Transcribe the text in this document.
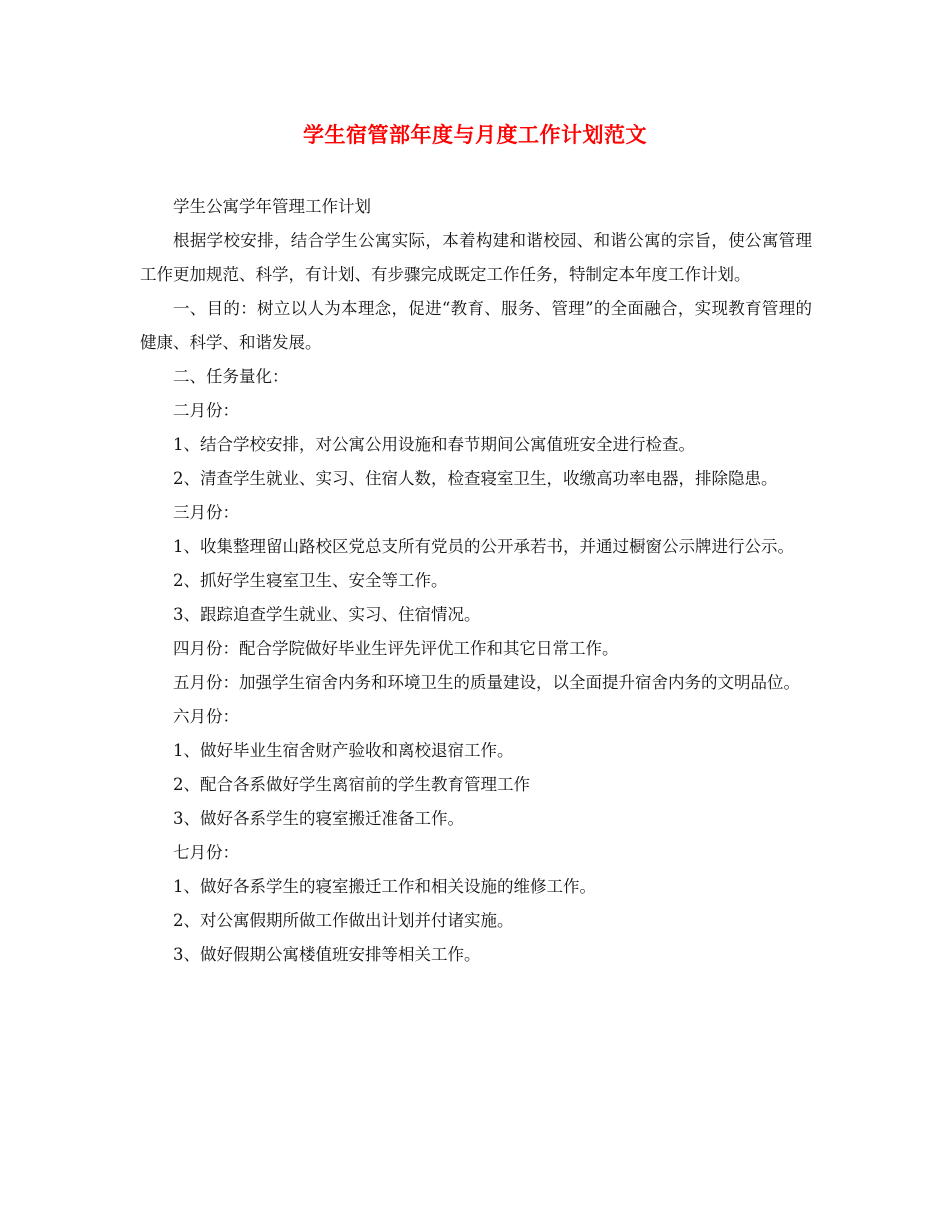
学生宿管部年度与月度工作计划范文

学生公寓学年管理工作计划

根据学校安排，结合学生公寓实际，本着构建和谐校园、和谐公寓的宗旨，使公寓管理工作更加规范、科学，有计划、有步骤完成既定工作任务，特制定本年度工作计划。

一、目的：树立以人为本理念，促进“教育、服务、管理”的全面融合，实现教育管理的健康、科学、和谐发展。

二、任务量化：

二月份：

1、结合学校安排，对公寓公用设施和春节期间公寓值班安全进行检查。

2、清查学生就业、实习、住宿人数，检查寝室卫生，收缴高功率电器，排除隐患。

三月份：

1、收集整理留山路校区党总支所有党员的公开承若书，并通过橱窗公示牌进行公示。

2、抓好学生寝室卫生、安全等工作。

3、跟踪追查学生就业、实习、住宿情况。

四月份：配合学院做好毕业生评先评优工作和其它日常工作。

五月份：加强学生宿舍内务和环境卫生的质量建设，以全面提升宿舍内务的文明品位。

六月份：

1、做好毕业生宿舍财产验收和离校退宿工作。

2、配合各系做好学生离宿前的学生教育管理工作

3、做好各系学生的寝室搬迁准备工作。

七月份：

1、做好各系学生的寝室搬迁工作和相关设施的维修工作。

2、对公寓假期所做工作做出计划并付诸实施。

3、做好假期公寓楼值班安排等相关工作。
